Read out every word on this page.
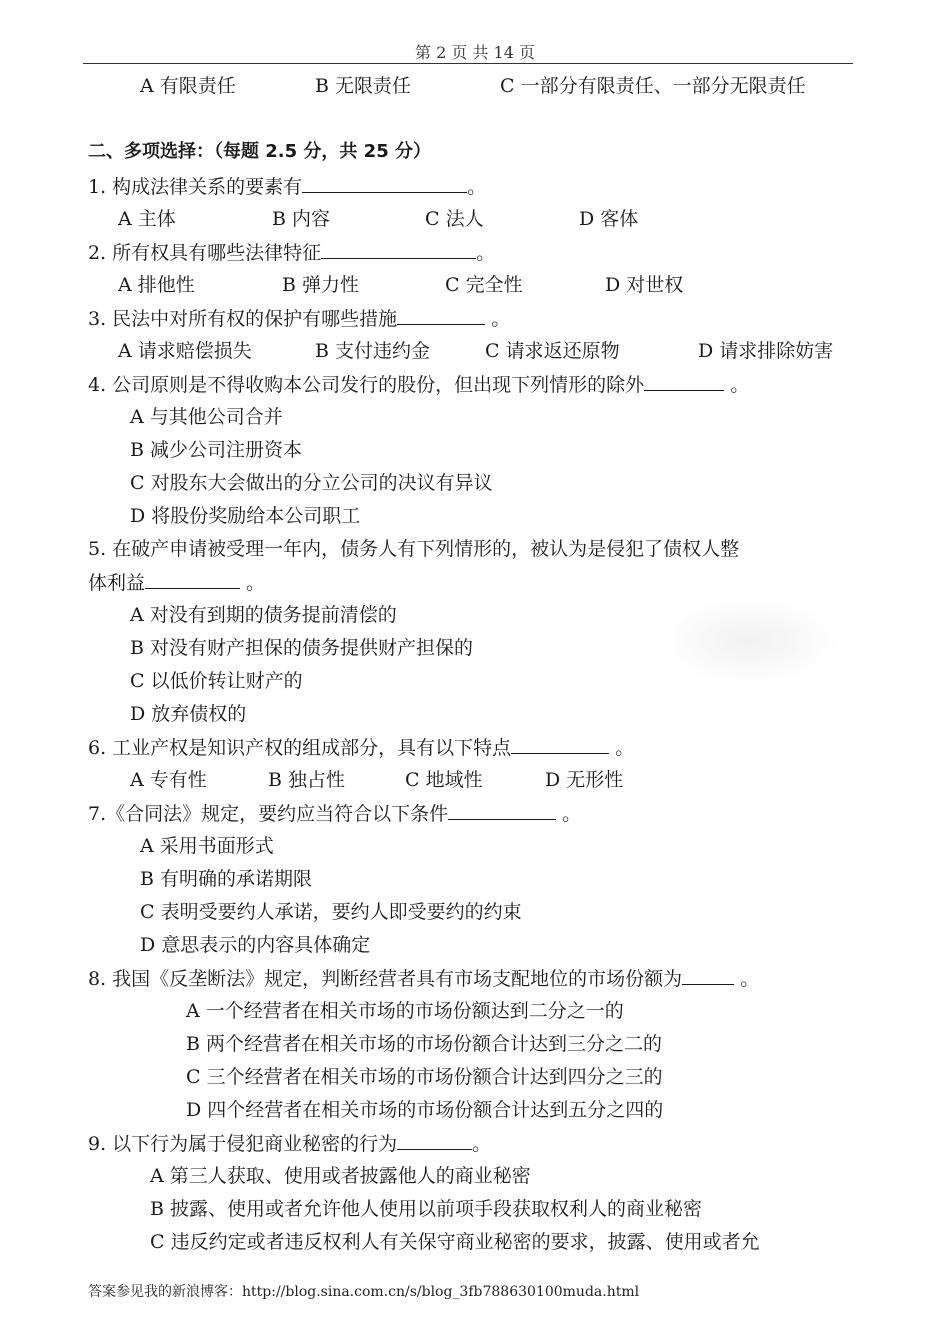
第 2 页 共 14 页
A 有限责任	B 无限责任	C 一部分有限责任、一部分无限责任
二、多项选择：（每题 2.5 分，共 25 分）
1. 构成法律关系的要素有	。
A 主体	B 内容	C 法人	D 客体
2. 所有权具有哪些法律特征	。
A 排他性	B 弹力性	C 完全性	D 对世权
3. 民法中对所有权的保护有哪些措施	。
A 请求赔偿损失	B 支付违约金	C 请求返还原物	D 请求排除妨害
4. 公司原则是不得收购本公司发行的股份，但出现下列情形的除外	。
A 与其他公司合并
B 减少公司注册资本
C 对股东大会做出的分立公司的决议有异议
D 将股份奖励给本公司职工
5. 在破产申请被受理一年内，债务人有下列情形的，被认为是侵犯了债权人整
体利益	。
A 对没有到期的债务提前清偿的
B 对没有财产担保的债务提供财产担保的
C 以低价转让财产的
D 放弃债权的
6. 工业产权是知识产权的组成部分，具有以下特点	。
A 专有性	B 独占性	C 地域性	D 无形性
7.《合同法》规定，要约应当符合以下条件	。
A 采用书面形式
B 有明确的承诺期限
C 表明受要约人承诺，要约人即受要约的约束
D 意思表示的内容具体确定
8. 我国《反垄断法》规定，判断经营者具有市场支配地位的市场份额为	。
A 一个经营者在相关市场的市场份额达到二分之一的
B 两个经营者在相关市场的市场份额合计达到三分之二的
C 三个经营者在相关市场的市场份额合计达到四分之三的
D 四个经营者在相关市场的市场份额合计达到五分之四的
9. 以下行为属于侵犯商业秘密的行为	。
A 第三人获取、使用或者披露他人的商业秘密
B 披露、使用或者允许他人使用以前项手段获取权利人的商业秘密
C 违反约定或者违反权利人有关保守商业秘密的要求，披露、使用或者允
答案参见我的新浪博客：http://blog.sina.com.cn/s/blog_3fb788630100muda.html
